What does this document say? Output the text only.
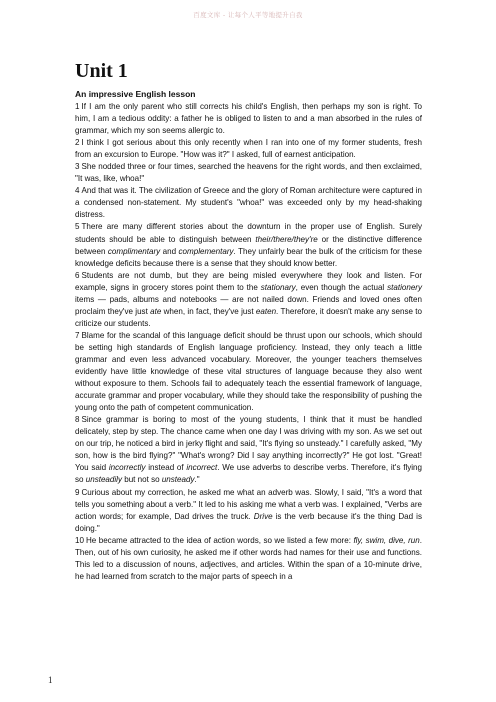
百度文库 - 让每个人平等地提升自我
Unit 1
An impressive English lesson

1 If I am the only parent who still corrects his child's English, then perhaps my son is right. To him, I am a tedious oddity: a father he is obliged to listen to and a man absorbed in the rules of grammar, which my son seems allergic to.

2 I think I got serious about this only recently when I ran into one of my former students, fresh from an excursion to Europe. "How was it?" I asked, full of earnest anticipation.

3 She nodded three or four times, searched the heavens for the right words, and then exclaimed, "It was, like, whoa!"

4 And that was it. The civilization of Greece and the glory of Roman architecture were captured in a condensed non-statement. My student's "whoa!" was exceeded only by my head-shaking distress.

5 There are many different stories about the downturn in the proper use of English. Surely students should be able to distinguish between their/there/they're or the distinctive difference between complimentary and complementary. They unfairly bear the bulk of the criticism for these knowledge deficits because there is a sense that they should know better.

6 Students are not dumb, but they are being misled everywhere they look and listen. For example, signs in grocery stores point them to the stationary, even though the actual stationery items — pads, albums and notebooks — are not nailed down. Friends and loved ones often proclaim they've just ate when, in fact, they've just eaten. Therefore, it doesn't make any sense to criticize our students.

7 Blame for the scandal of this language deficit should be thrust upon our schools, which should be setting high standards of English language proficiency. Instead, they only teach a little grammar and even less advanced vocabulary. Moreover, the younger teachers themselves evidently have little knowledge of these vital structures of language because they also went without exposure to them. Schools fail to adequately teach the essential framework of language, accurate grammar and proper vocabulary, while they should take the responsibility of pushing the young onto the path of competent communication.

8 Since grammar is boring to most of the young students, I think that it must be handled delicately, step by step. The chance came when one day I was driving with my son. As we set out on our trip, he noticed a bird in jerky flight and said, "It's flying so unsteady." I carefully asked, "My son, how is the bird flying?" "What's wrong? Did I say anything incorrectly?" He got lost. "Great! You said incorrectly instead of incorrect. We use adverbs to describe verbs. Therefore, it's flying so unsteadily but not so unsteady."

9 Curious about my correction, he asked me what an adverb was. Slowly, I said, "It's a word that tells you something about a verb." It led to his asking me what a verb was. I explained, "Verbs are action words; for example, Dad drives the truck. Drive is the verb because it's the thing Dad is doing."

10 He became attracted to the idea of action words, so we listed a few more: fly, swim, dive, run. Then, out of his own curiosity, he asked me if other words had names for their use and functions. This led to a discussion of nouns, adjectives, and articles. Within the span of a 10-minute drive, he had learned from scratch to the major parts of speech in a

1
